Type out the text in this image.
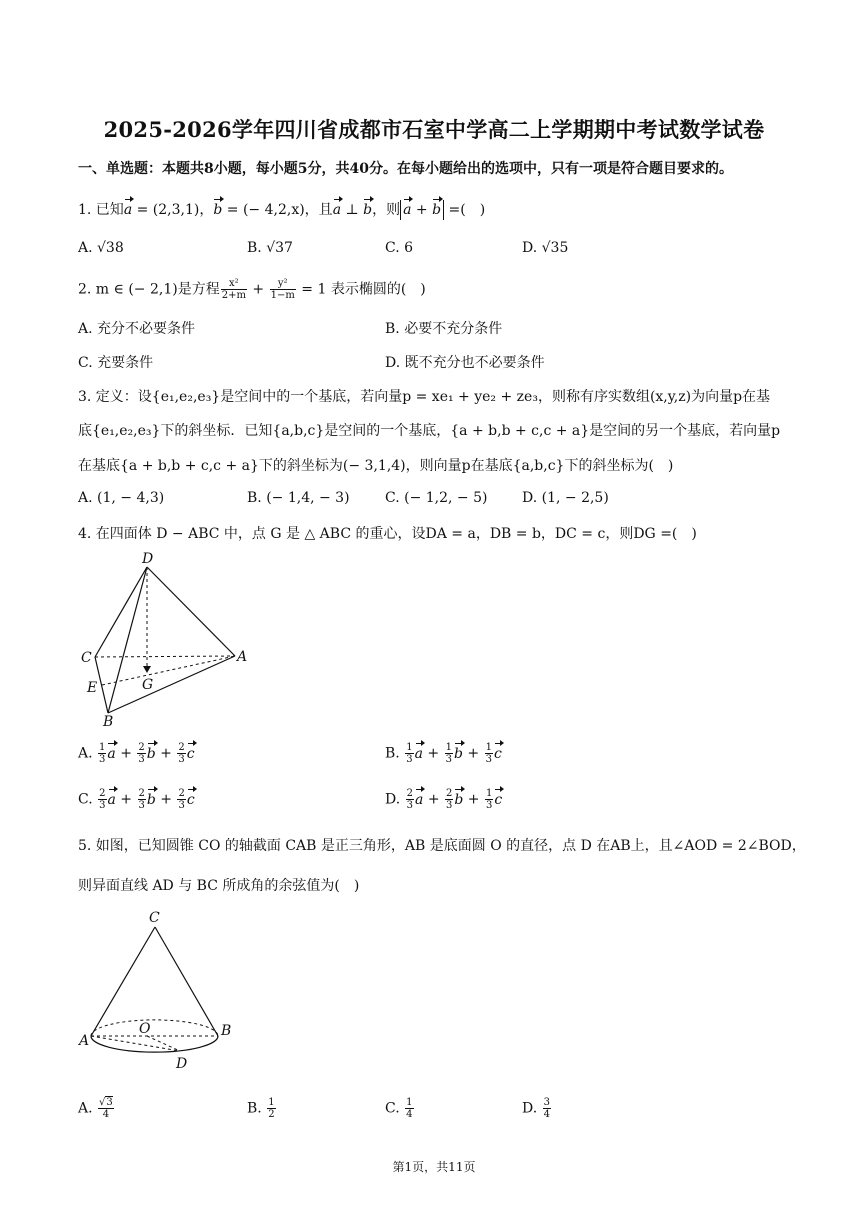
2025-2026学年四川省成都市石室中学高二上学期期中考试数学试卷
一、单选题：本题共8小题，每小题5分，共40分。在每小题给出的选项中，只有一项是符合题目要求的。
1. 已知a = (2,3,1)，b = (− 4,2,x)，且a ⊥ b，则 a + b =(　)
A. √38	B. √37	C. 6	D. √35
2. m ∈ (− 2,1)是方程 $\frac{\text{x²}}{2+m} + \frac{\text{y²}}{1-m} = 1$ 表示椭圆的(　)
A. 充分不必要条件	B. 必要不充分条件
C. 充要条件	D. 既不充分也不必要条件
3. 定义：设{e₁,e₂,e₃}是空间中的一个基底，若向量p = xe₁ + ye₂ + ze₃，则称有序实数组(x,y,z)为向量p在基
底{e₁,e₂,e₃}下的斜坐标．已知{a,b,c}是空间的一个基底，{a + b,b + c,c + a}是空间的另一个基底，若向量p
在基底{a + b,b + c,c + a}下的斜坐标为(− 3,1,4)，则向量p在基底{a,b,c}下的斜坐标为(　)
A. (1, − 4,3)	B. (− 1,4, − 3)	C. (− 1,2, − 5) D. (1, − 2,5)
4. 在四面体 D − ABC 中，点 G 是 △ ABC 的重心，设DA = a，DB = b，DC = c，则DG =(　)
D
C	A
E	G
B
A. $\frac{1}{3}$ $a + \frac{2}{3}$ $b + \frac{2}{3}$ c	B. $\frac{1}{3}$ $a + \frac{1}{3}$ $b + \frac{1}{3}$ c
C. $\frac{2}{3}$ $a + \frac{2}{3}$ $b + \frac{2}{3}$ c	D. $\frac{2}{3}$ $a + \frac{2}{3}$ $b + \frac{1}{3}$ c
5. 如图，已知圆锥 CO 的轴截面 CAB 是正三角形，AB 是底面圆 O 的直径，点 D 在AB上，且∠AOD = 2∠BOD，
则异面直线 AD 与 BC 所成角的余弦值为(　)
C
A
O	B
D
A. $\frac{√3}{4}$	B. $\frac{1}{2}$	C. $\frac{1}{4}$	D. $\frac{3}{4}$
第1页，共11页
